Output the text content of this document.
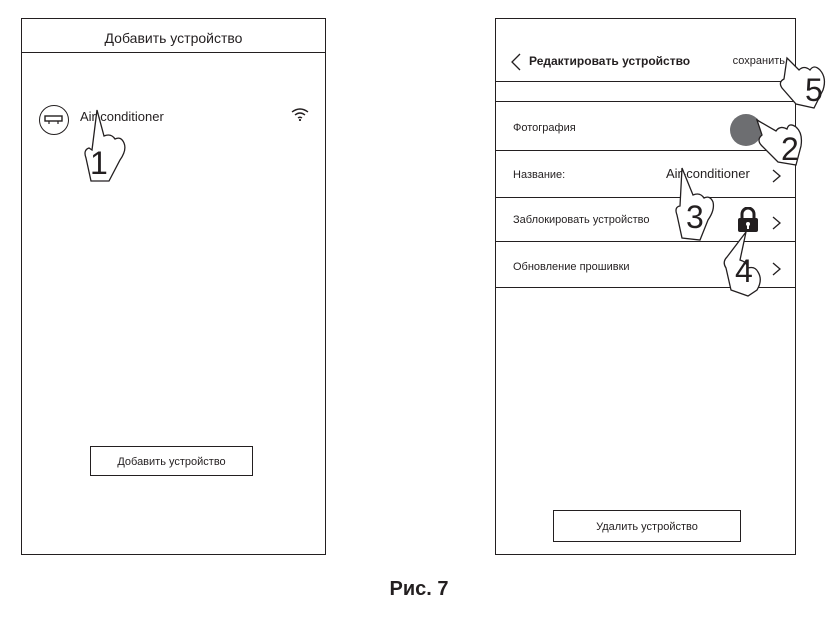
Добавить устройство
Air-conditioner
Добавить устройство
Редактировать устройство	сохранить
Фотография
Название:	Air-conditioner
Заблокировать устройство
Обновление прошивки
Удалить устройство
1	2
3
4
5
Рис. 7
